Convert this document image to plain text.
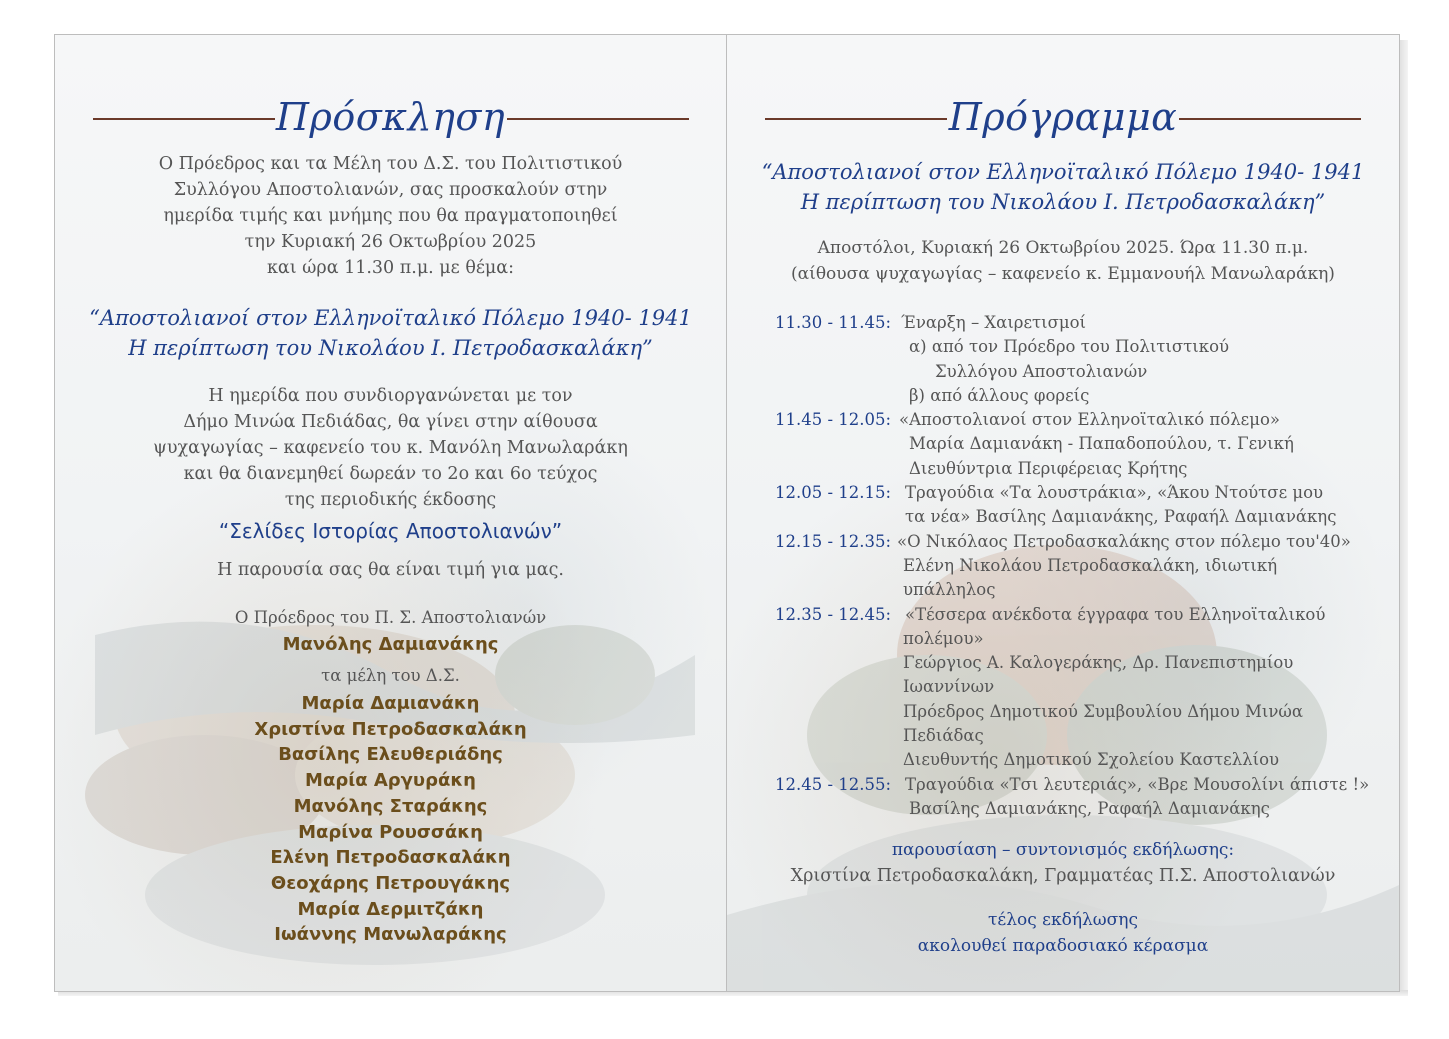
Πρόσκληση
Ο Πρόεδρος και τα Μέλη του Δ.Σ. του Πολιτιστικού
Συλλόγου Αποστολιανών, σας προσκαλούν στην
ημερίδα τιμής και μνήμης που θα πραγματοποιηθεί
την Κυριακή 26 Οκτωβρίου 2025
και ώρα 11.30 π.μ. με θέμα:
“Αποστολιανοί στον Ελληνοϊταλικό Πόλεμο 1940- 1941
Η περίπτωση του Νικολάου Ι. Πετροδασκαλάκη”
Η ημερίδα που συνδιοργανώνεται με τον
Δήμο Μινώα Πεδιάδας, θα γίνει στην αίθουσα
ψυχαγωγίας – καφενείο του κ. Μανόλη Μανωλαράκη
και θα διανεμηθεί δωρεάν το 2ο και 6ο τεύχος
της περιοδικής έκδοσης
“Σελίδες Ιστορίας Αποστολιανών”
Η παρουσία σας θα είναι τιμή για μας.
Ο Πρόεδρος του Π. Σ. Αποστολιανών
Μανόλης Δαμιανάκης
τα μέλη του Δ.Σ.
Μαρία Δαμιανάκη
Χριστίνα Πετροδασκαλάκη
Βασίλης Ελευθεριάδης
Μαρία Αργυράκη
Μανόλης Σταράκης
Μαρίνα Ρουσσάκη
Ελένη Πετροδασκαλάκη
Θεοχάρης Πετρουγάκης
Μαρία Δερμιτζάκη
Ιωάννης Μανωλαράκης
Πρόγραμμα
“Αποστολιανοί στον Ελληνοϊταλικό Πόλεμο 1940- 1941
Η περίπτωση του Νικολάου Ι. Πετροδασκαλάκη”
Αποστόλοι, Κυριακή 26 Οκτωβρίου 2025. Ώρα 11.30 π.μ.
(αίθουσα ψυχαγωγίας – καφενείο κ. Εμμανουήλ Μανωλαράκη)
11.30 - 11.45: Έναρξη – Χαιρετισμοί
α) από τον Πρόεδρο του Πολιτιστικού
Συλλόγου Αποστολιανών
β) από άλλους φορείς
11.45 - 12.05: «Αποστολιανοί στον Ελληνοϊταλικό πόλεμο»
Μαρία Δαμιανάκη - Παπαδοπούλου, τ. Γενική
Διευθύντρια Περιφέρειας Κρήτης
12.05 - 12.15: Τραγούδια «Τα λουστράκια», «Άκου Ντούτσε μου
τα νέα» Βασίλης Δαμιανάκης, Ραφαήλ Δαμιανάκης
12.15 - 12.35: «Ο Νικόλαος Πετροδασκαλάκης στον πόλεμο του'40»
Ελένη Νικολάου Πετροδασκαλάκη, ιδιωτική
υπάλληλος
12.35 - 12.45: «Τέσσερα ανέκδοτα έγγραφα του Ελληνοϊταλικού
πολέμου»
Γεώργιος Α. Καλογεράκης, Δρ. Πανεπιστημίου
Ιωαννίνων
Πρόεδρος Δημοτικού Συμβουλίου Δήμου Μινώα
Πεδιάδας
Διευθυντής Δημοτικού Σχολείου Καστελλίου
12.45 - 12.55: Τραγούδια «Τσι λευτεριάς», «Βρε Μουσολίνι άπιστε !»
Βασίλης Δαμιανάκης, Ραφαήλ Δαμιανάκης
παρουσίαση – συντονισμός εκδήλωσης:
Χριστίνα Πετροδασκαλάκη, Γραμματέας Π.Σ. Αποστολιανών
τέλος εκδήλωσης
ακολουθεί παραδοσιακό κέρασμα
